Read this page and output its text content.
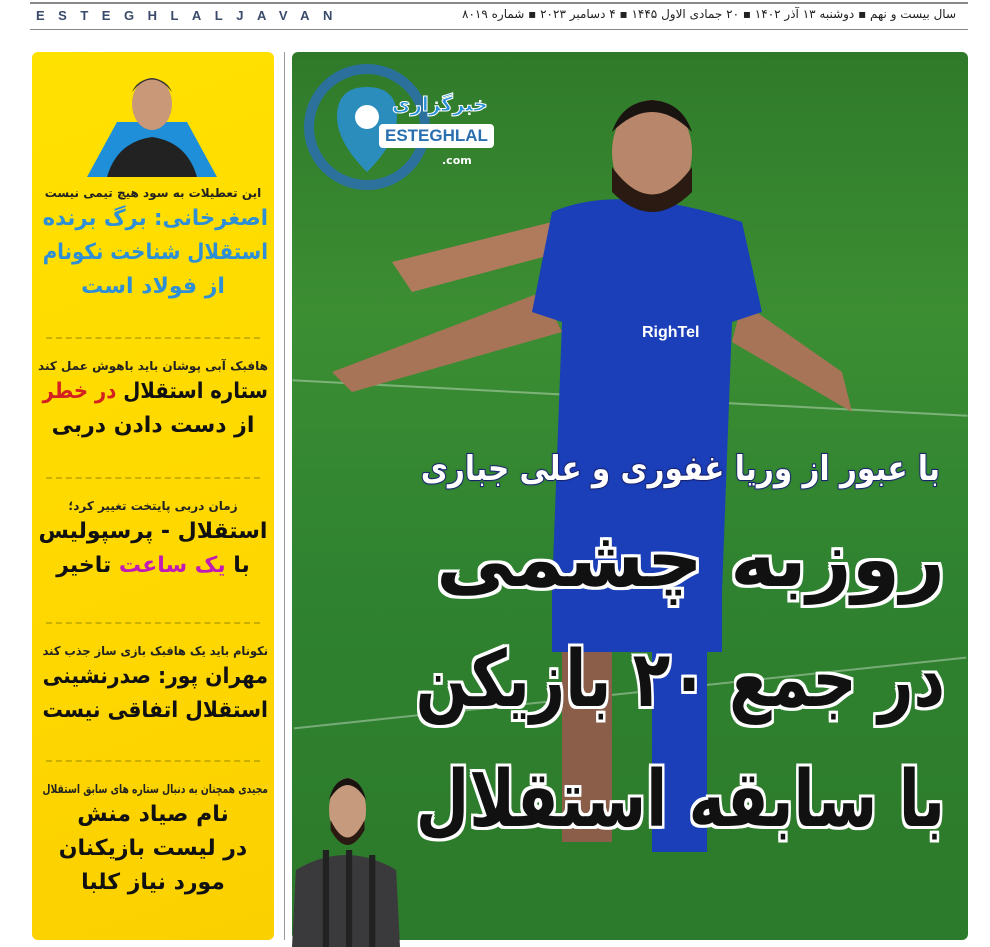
ESTEGHLALJAVAN	سال بیست و نهم ▪ دوشنبه ۱۳ آذر ۱۴۰۲ ▪ ۲۰ جمادی الاول ۱۴۴۵ ▪ ۴ دسامبر ۲۰۲۳ ▪ شماره ۸۰۱۹
این تعطیلات به سود هیچ تیمی نیست
اصغرخانی: برگ برنده
استقلال شناخت نکونام
از فولاد است
هافبک آبی پوشان باید باهوش عمل کند
ستاره استقلال در خطر
از دست دادن دربی
زمان دربی پایتخت تغییر کرد؛
استقلال - پرسپولیس
با یک ساعت تاخیر
نکونام باید یک هافبک بازی ساز جذب کند
مهران پور: صدرنشینی
استقلال اتفاقی نیست
مجیدی همچنان به دنبال ستاره های سابق استقلال
نام صیاد منش
در لیست بازیکنان
مورد نیاز کلبا
RighTel
با عبور از وریا غفوری و علی جباری
روزبه چشمی
در جمع ۲۰ بازیکن
با سابقه استقلال
خبرگزاری
ESTEGHLAL
.com
